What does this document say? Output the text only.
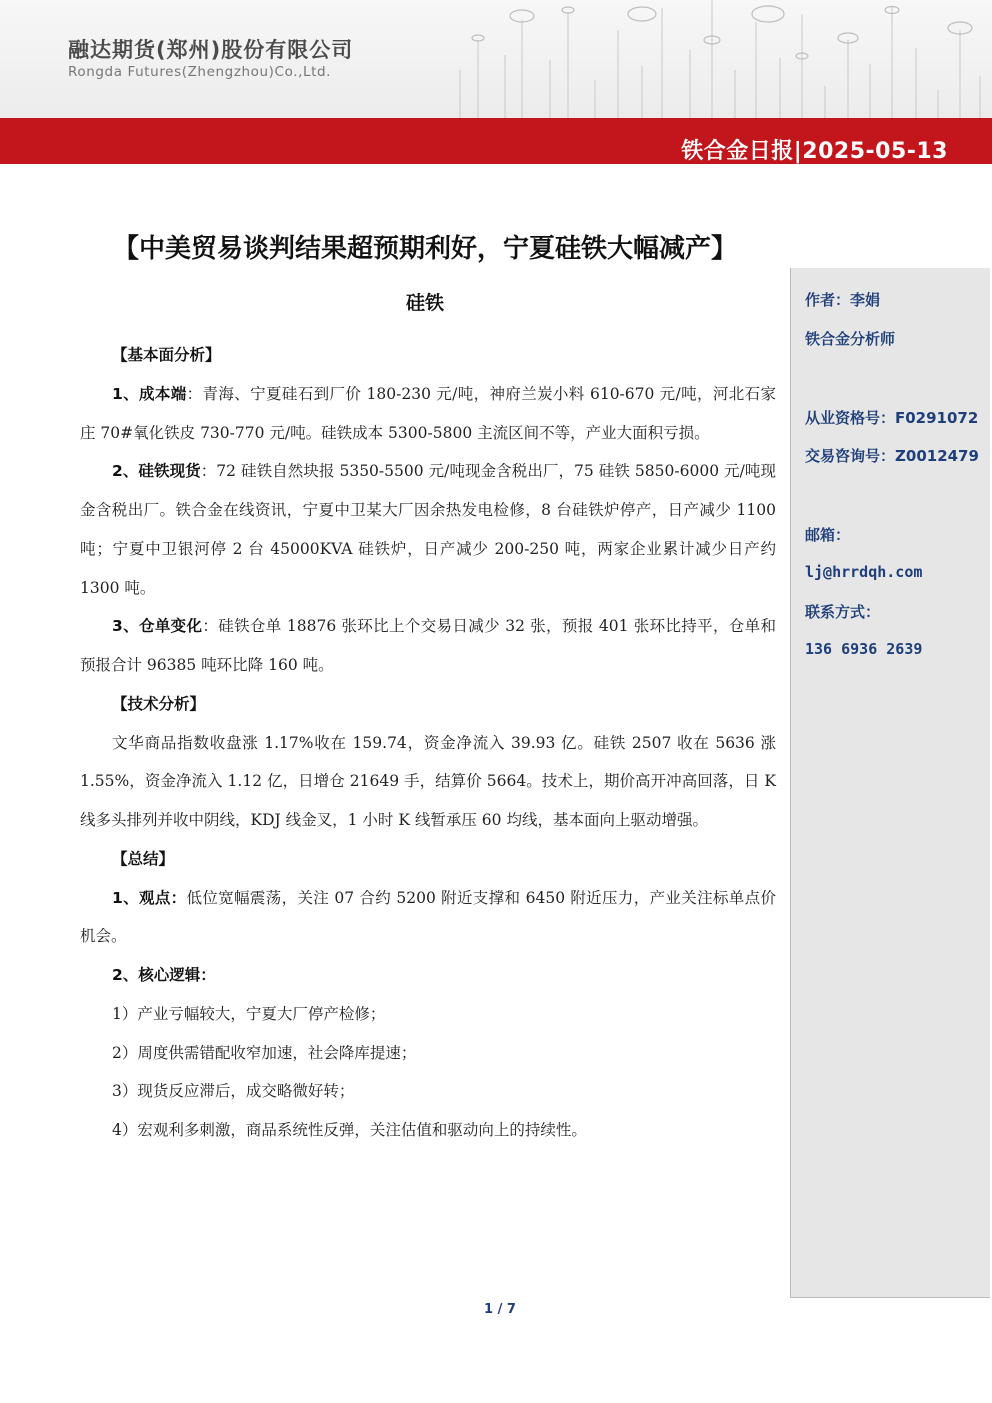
融达期货(郑州)股份有限公司
Rongda Futures(Zhengzhou)Co.,Ltd.
铁合金日报|2025-05-13
【中美贸易谈判结果超预期利好，宁夏硅铁大幅减产】
硅铁	作者：李娟
铁合金分析师
从业资格号：F0291072
交易咨询号：Z0012479
邮箱：
lj@hrrdqh.com
联系方式：
136 6936 2639

【基本面分析】

1、成本端：青海、宁夏硅石到厂价 180-230 元/吨，神府兰炭小料 610-670 元/吨，河北石家庄 70#氧化铁皮 730-770 元/吨。硅铁成本 5300-5800 主流区间不等，产业大面积亏损。

2、硅铁现货：72 硅铁自然块报 5350-5500 元/吨现金含税出厂，75 硅铁 5850-6000 元/吨现金含税出厂。铁合金在线资讯，宁夏中卫某大厂因余热发电检修，8 台硅铁炉停产，日产减少 1100 吨；宁夏中卫银河停 2 台 45000KVA 硅铁炉，日产减少 200-250 吨，两家企业累计减少日产约 1300 吨。

3、仓单变化：硅铁仓单 18876 张环比上个交易日减少 32 张，预报 401 张环比持平，仓单和预报合计 96385 吨环比降 160 吨。

【技术分析】

文华商品指数收盘涨 1.17%收在 159.74，资金净流入 39.93 亿。硅铁 2507 收在 5636 涨 1.55%，资金净流入 1.12 亿，日增仓 21649 手，结算价 5664。技术上，期价高开冲高回落，日 K 线多头排列并收中阴线，KDJ 线金叉，1 小时 K 线暂承压 60 均线，基本面向上驱动增强。

【总结】

1、观点：低位宽幅震荡，关注 07 合约 5200 附近支撑和 6450 附近压力，产业关注标单点价机会。

2、核心逻辑：

1）产业亏幅较大，宁夏大厂停产检修；

2）周度供需错配收窄加速，社会降库提速；

3）现货反应滞后，成交略微好转；

4）宏观利多刺激，商品系统性反弹，关注估值和驱动向上的持续性。

1 / 7
